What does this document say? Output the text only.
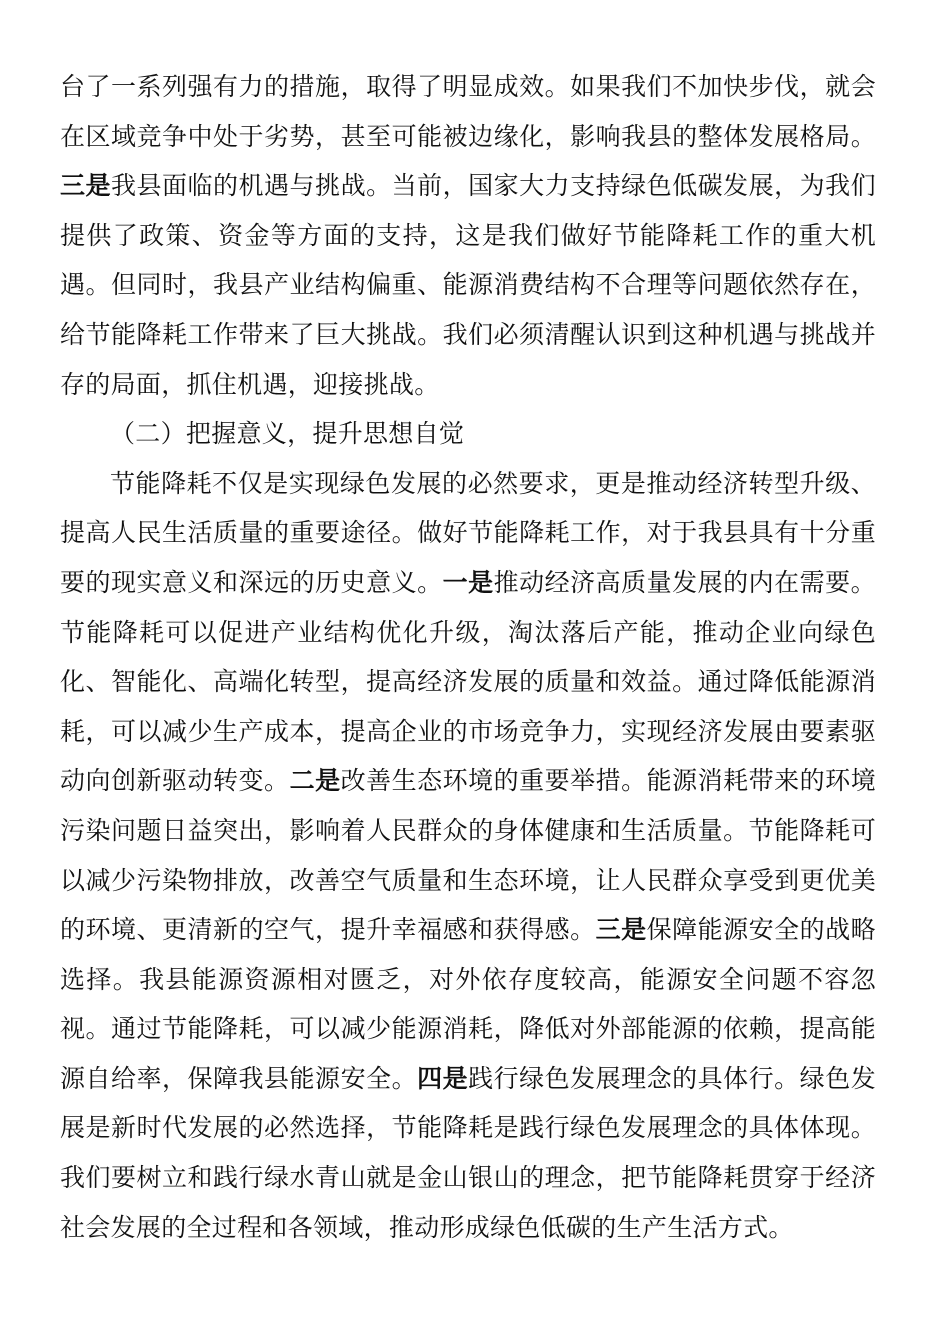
台了一系列强有力的措施，取得了明显成效。如果我们不加快步伐，就会在区域竞争中处于劣势，甚至可能被边缘化，影响我县的整体发展格局。三是我县面临的机遇与挑战。当前，国家大力支持绿色低碳发展，为我们提供了政策、资金等方面的支持，这是我们做好节能降耗工作的重大机遇。但同时，我县产业结构偏重、能源消费结构不合理等问题依然存在，给节能降耗工作带来了巨大挑战。我们必须清醒认识到这种机遇与挑战并存的局面，抓住机遇，迎接挑战。

（二）把握意义，提升思想自觉

节能降耗不仅是实现绿色发展的必然要求，更是推动经济转型升级、提高人民生活质量的重要途径。做好节能降耗工作，对于我县具有十分重要的现实意义和深远的历史意义。一是推动经济高质量发展的内在需要。节能降耗可以促进产业结构优化升级，淘汰落后产能，推动企业向绿色化、智能化、高端化转型，提高经济发展的质量和效益。通过降低能源消耗，可以减少生产成本，提高企业的市场竞争力，实现经济发展由要素驱动向创新驱动转变。二是改善生态环境的重要举措。能源消耗带来的环境污染问题日益突出，影响着人民群众的身体健康和生活质量。节能降耗可以减少污染物排放，改善空气质量和生态环境，让人民群众享受到更优美的环境、更清新的空气，提升幸福感和获得感。三是保障能源安全的战略选择。我县能源资源相对匮乏，对外依存度较高，能源安全问题不容忽视。通过节能降耗，可以减少能源消耗，降低对外部能源的依赖，提高能源自给率，保障我县能源安全。四是践行绿色发展理念的具体行。绿色发展是新时代发展的必然选择，节能降耗是践行绿色发展理念的具体体现。我们要树立和践行绿水青山就是金山银山的理念，把节能降耗贯穿于经济社会发展的全过程和各领域，推动形成绿色低碳的生产生活方式。
